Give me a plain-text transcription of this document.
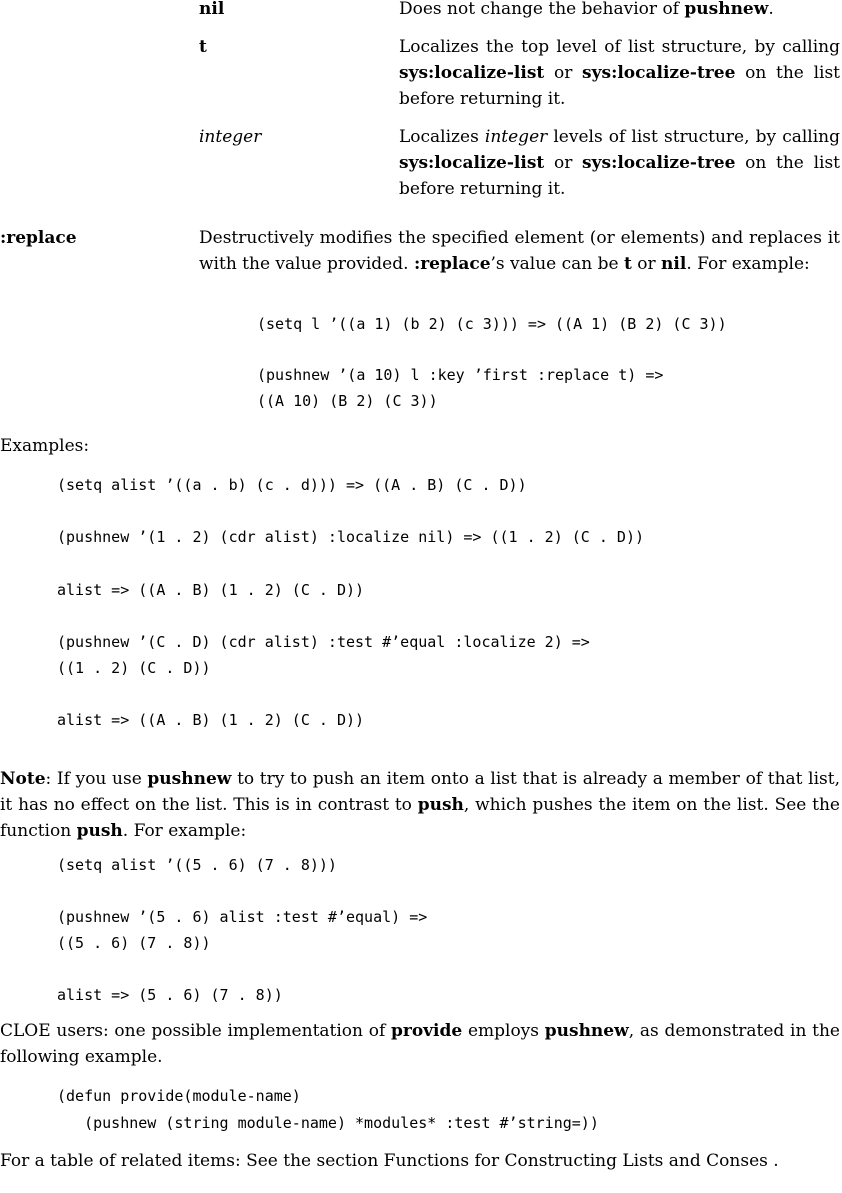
nil	Does not change the behavior of pushnew.
t	Localizes the top level of list structure, by calling sys:localize-list or sys:localize-tree on the list before returning it.
integer	Localizes integer levels of list structure, by calling sys:localize-list or sys:localize-tree on the list before returning it.
:replace	Destructively modifies the specified element (or elements) and replaces it with the value provided. :replace’s value can be t or nil. For example:
(setq l ’((a 1) (b 2) (c 3))) => ((A 1) (B 2) (C 3))
(pushnew ’(a 10) l :key ’first :replace t) =>
((A 10) (B 2) (C 3))
Examples:
(setq alist ’((a . b) (c . d))) => ((A . B) (C . D))
(pushnew ’(1 . 2) (cdr alist) :localize nil) => ((1 . 2) (C . D))
alist => ((A . B) (1 . 2) (C . D))
(pushnew ’(C . D) (cdr alist) :test #’equal :localize 2) =>
((1 . 2) (C . D))
alist => ((A . B) (1 . 2) (C . D))
Note: If you use pushnew to try to push an item onto a list that is already a member of that list, it has no effect on the list. This is in contrast to push, which pushes the item on the list. See the function push. For example:
(setq alist ’((5 . 6) (7 . 8)))
(pushnew ’(5 . 6) alist :test #’equal) =>
((5 . 6) (7 . 8))
alist => (5 . 6) (7 . 8))
CLOE users: one possible implementation of provide employs pushnew, as demonstrated in the following example.
(defun provide(module-name)
(pushnew (string module-name) *modules* :test #’string=))
For a table of related items: See the section Functions for Constructing Lists and Conses .
